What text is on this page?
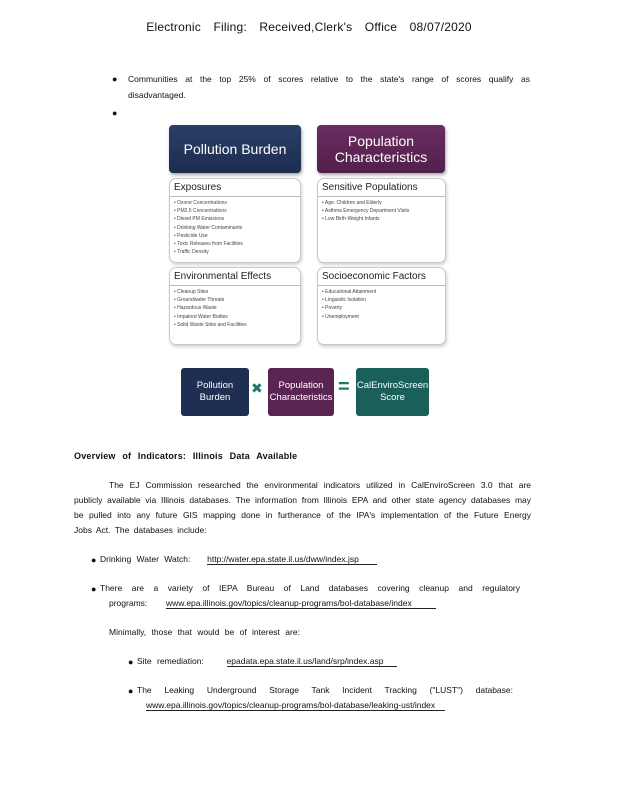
Electronic Filing: Received,Clerk's Office 08/07/2020
● Communities at the top 25% of scores relative to the state's range of scores qualify as disadvantaged.
●
Pollution Burden	Population Characteristics
Exposures
• Ozone Concentrations
• PM2.5 Concentrations
• Diesel PM Emissions
• Drinking Water Contaminants
• Pesticide Use
• Toxic Releases from Facilities
• Traffic Density
Sensitive Populations
• Age: Children and Elderly
• Asthma Emergency Department Visits
• Low Birth-Weight Infants
Environmental Effects
• Cleanup Sites
• Groundwater Threats
• Hazardous Waste
• Impaired Water Bodies
• Solid Waste Sites and Facilities
Socioeconomic Factors
• Educational Attainment
• Linguistic Isolation
• Poverty
• Unemployment
Pollution Burden
✖	Population Characteristics = CalEnviroScreen Score
Overview of Indicators: Illinois Data Available
The EJ Commission researched the environmental indicators utilized in CalEnviroScreen 3.0 that are publicly available via Illinois databases. The information from Illinois EPA and other state agency databases may be pulled into any future GIS mapping done in furtherance of the IPA's implementation of the Future Energy Jobs Act. The databases include:
● Drinking Water Watch: http://water.epa.state.il.us/dww/index.jsp
● There are a variety of IEPA Bureau of Land databases covering cleanup and regulatory
programs: www.epa.illinois.gov/topics/cleanup-programs/bol-database/index
Minimally, those that would be of interest are:
● Site remediation:	epadata.epa.state.il.us/land/srp/index.asp
● The Leaking Underground Storage Tank Incident Tracking ("LUST") database:
www.epa.illinois.gov/topics/cleanup-programs/bol-database/leaking-ust/index
